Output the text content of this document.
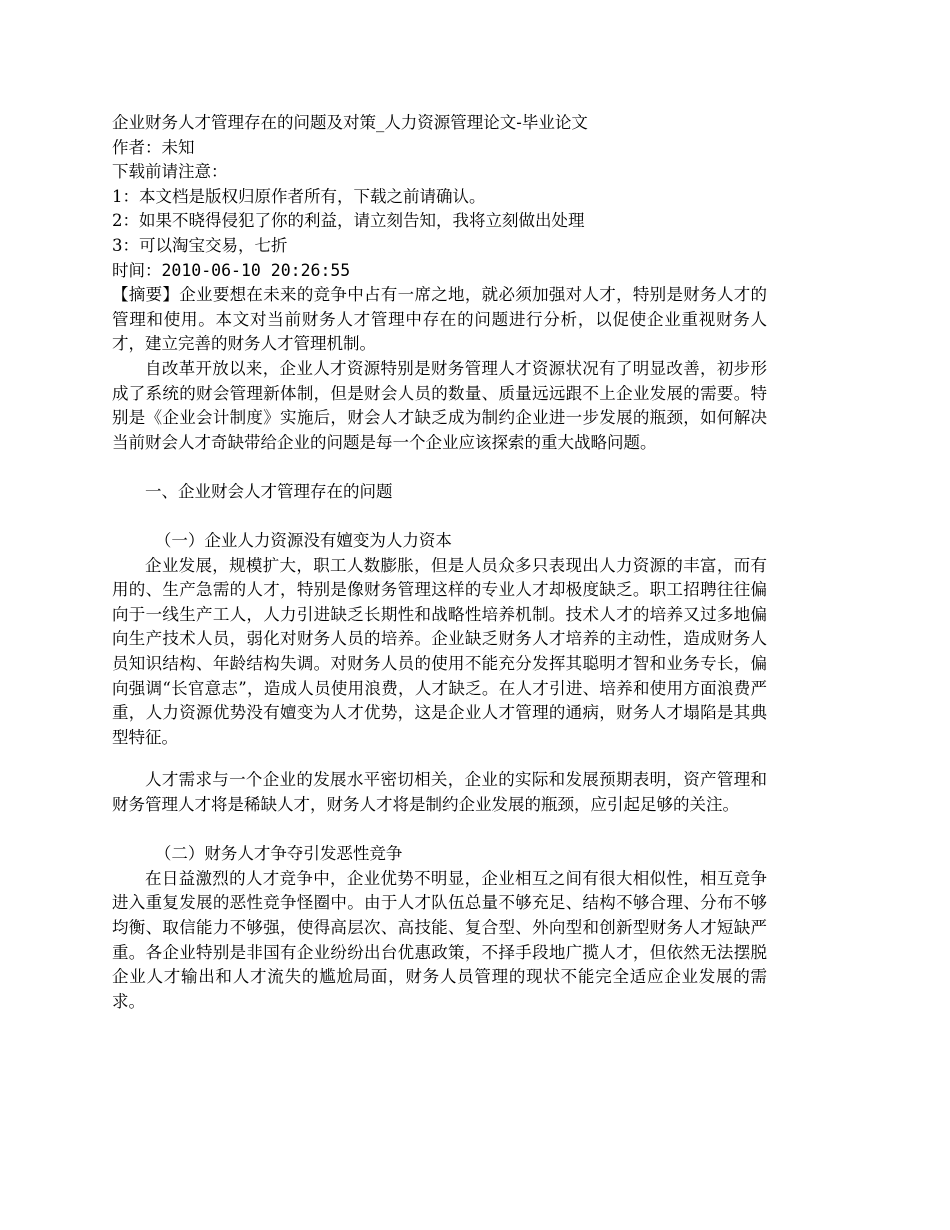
企业财务人才管理存在的问题及对策_人力资源管理论文-毕业论文
作者：未知
下载前请注意：
1：本文档是版权归原作者所有，下载之前请确认。
2：如果不晓得侵犯了你的利益，请立刻告知，我将立刻做出处理
3：可以淘宝交易，七折
时间：2010-06-10 20:26:55

【摘要】企业要想在未来的竞争中占有一席之地，就必须加强对人才，特别是财务人才的管理和使用。本文对当前财务人才管理中存在的问题进行分析，以促使企业重视财务人才，建立完善的财务人才管理机制。

自改革开放以来，企业人才资源特别是财务管理人才资源状况有了明显改善，初步形成了系统的财会管理新体制，但是财会人员的数量、质量远远跟不上企业发展的需要。特别是《企业会计制度》实施后，财会人才缺乏成为制约企业进一步发展的瓶颈，如何解决当前财会人才奇缺带给企业的问题是每一个企业应该探索的重大战略问题。

一、企业财会人才管理存在的问题

（一）企业人力资源没有嬗变为人力资本

企业发展，规模扩大，职工人数膨胀，但是人员众多只表现出人力资源的丰富，而有用的、生产急需的人才，特别是像财务管理这样的专业人才却极度缺乏。职工招聘往往偏向于一线生产工人，人力引进缺乏长期性和战略性培养机制。技术人才的培养又过多地偏向生产技术人员，弱化对财务人员的培养。企业缺乏财务人才培养的主动性，造成财务人员知识结构、年龄结构失调。对财务人员的使用不能充分发挥其聪明才智和业务专长，偏向强调“长官意志”，造成人员使用浪费，人才缺乏。在人才引进、培养和使用方面浪费严重，人力资源优势没有嬗变为人才优势，这是企业人才管理的通病，财务人才塌陷是其典型特征。

人才需求与一个企业的发展水平密切相关，企业的实际和发展预期表明，资产管理和财务管理人才将是稀缺人才，财务人才将是制约企业发展的瓶颈，应引起足够的关注。

（二）财务人才争夺引发恶性竞争

在日益激烈的人才竞争中，企业优势不明显，企业相互之间有很大相似性，相互竞争进入重复发展的恶性竞争怪圈中。由于人才队伍总量不够充足、结构不够合理、分布不够均衡、取信能力不够强，使得高层次、高技能、复合型、外向型和创新型财务人才短缺严重。各企业特别是非国有企业纷纷出台优惠政策，不择手段地广揽人才，但依然无法摆脱企业人才输出和人才流失的尴尬局面，财务人员管理的现状不能完全适应企业发展的需求。
